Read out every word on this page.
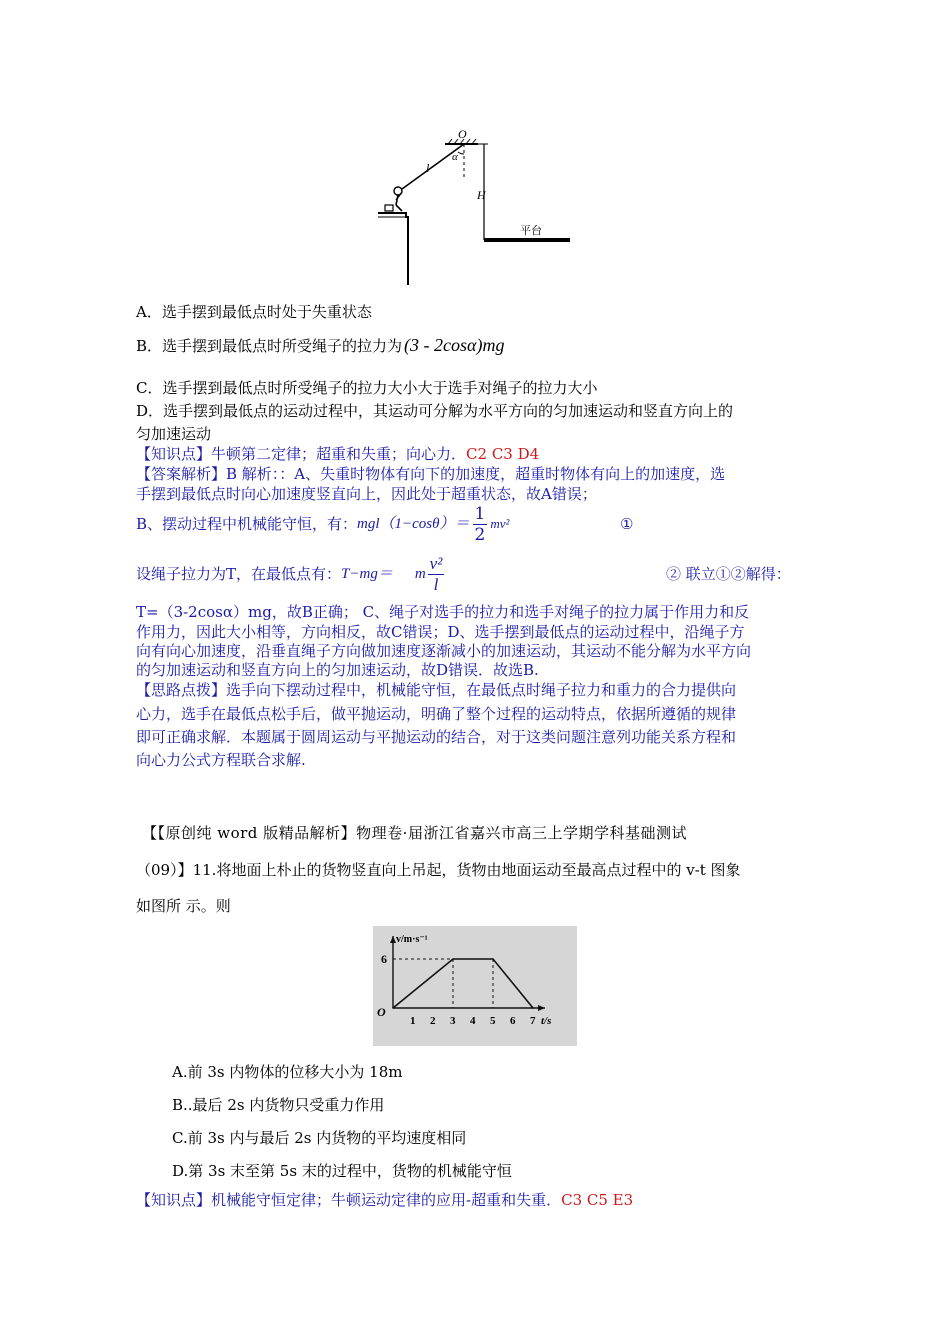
O
α
l
H
平台
A．选手摆到最低点时处于失重状态
B．选手摆到最低点时所受绳子的拉力为 (3 - 2cosα)mg
C．选手摆到最低点时所受绳子的拉力大小大于选手对绳子的拉力大小
D．选手摆到最低点的运动过程中，其运动可分解为水平方向的匀加速运动和竖直方向上的
匀加速运动
【知识点】牛顿第二定律；超重和失重；向心力．C2 C3 D4
【答案解析】B 解析：：A、失重时物体有向下的加速度，超重时物体有向上的加速度，选
手摆到最低点时向心加速度竖直向上，因此处于超重状态，故A错误；
B、摆动过程中机械能守恒，有： $mgl(1-\cos\theta)= \frac{1}{2} mv^2$	①
设绳子拉力为T，在最低点有： T−mg＝ m $\frac{\text{v²}}{l}$	② 联立①②解得：
T=（3-2cosα）mg，故B正确； C、绳子对选手的拉力和选手对绳子的拉力属于作用力和反
作用力，因此大小相等，方向相反，故C错误；D、选手摆到最低点的运动过程中，沿绳子方
向有向心加速度，沿垂直绳子方向做加速度逐渐减小的加速运动，其运动不能分解为水平方向
的匀加速运动和竖直方向上的匀加速运动，故D错误．故选B.
【思路点拨】选手向下摆动过程中，机械能守恒，在最低点时绳子拉力和重力的合力提供向
心力，选手在最低点松手后，做平抛运动，明确了整个过程的运动特点，依据所遵循的规律
即可正确求解．本题属于圆周运动与平抛运动的结合，对于这类问题注意列功能关系方程和
向心力公式方程联合求解.
【【原创纯 word 版精品解析】物理卷·届浙江省嘉兴市高三上学期学科基础测试
（09）】11.将地面上朴止的货物竖直向上吊起，货物由地面运动至最高点过程中的 v-t 图象
如图所 示。则
6
1 2 3 4 5 6 7
O
t/s
v/m·s⁻¹
A.前 3s 内物体的位移大小为 18m
B..最后 2s 内货物只受重力作用
C.前 3s 内与最后 2s 内货物的平均速度相同
D.第 3s 末至第 5s 末的过程中，货物的机械能守恒
【知识点】机械能守恒定律；牛顿运动定律的应用-超重和失重．C3 C5 E3
